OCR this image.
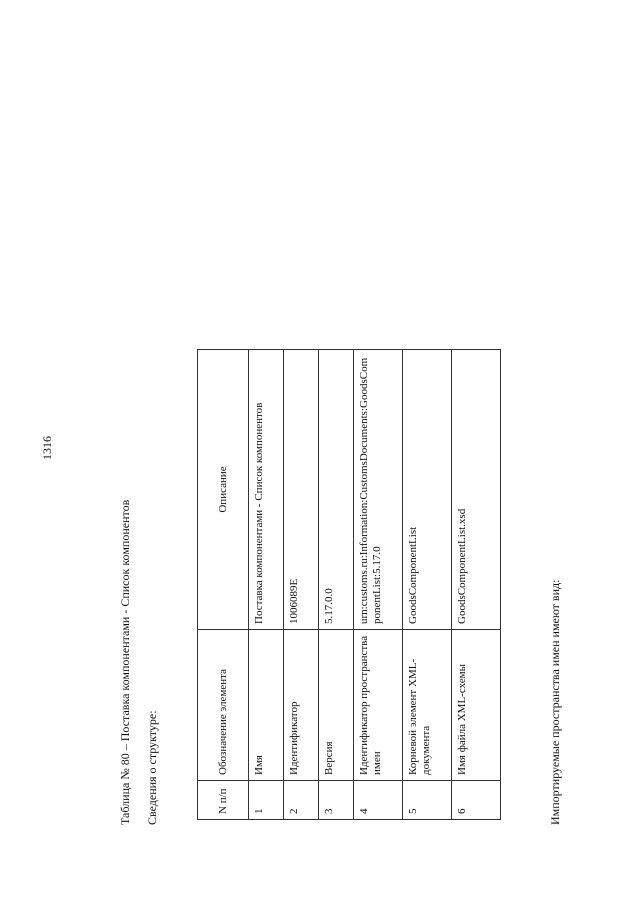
1316
Таблица № 80 – Поставка компонентами - Список компонентов Сведения о структуре:	N п/п	Обозначение элемента	Описание
1	Имя	Поставка компонентами - Список компонентов
2	Идентификатор	1006089E
3	Версия	5.17.0.0
4	Идентификатор пространства имен	urn:customs.ru:Information:CustomsDocuments:GoodsComponentList:5.17.0
5	Корневой элемент XML-документа	GoodsComponentList
6	Имя файла XML-схемы	GoodsComponentList.xsd
Импортируемые пространства имен имеют вид:
